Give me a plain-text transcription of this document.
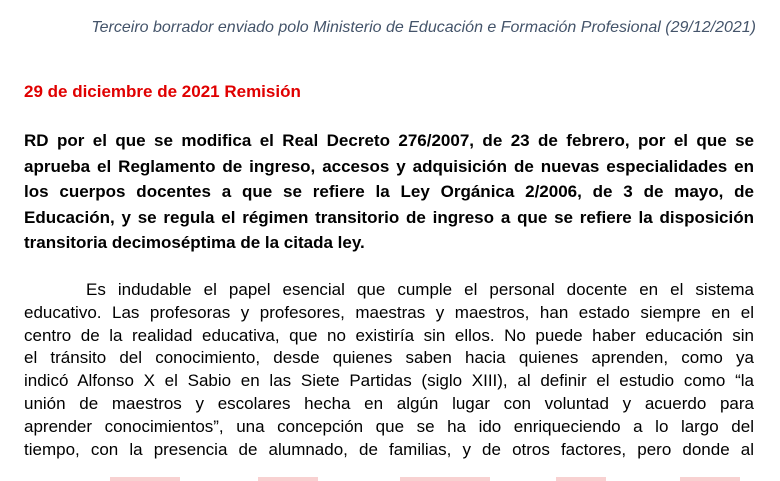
Terceiro borrador enviado polo Ministerio de Educación e Formación Profesional (29/12/2021)
29 de diciembre de 2021 Remisión
RD por el que se modifica el Real Decreto 276/2007, de 23 de febrero, por el que se
aprueba el Reglamento de ingreso, accesos y adquisición de nuevas especialidades en
los cuerpos docentes a que se refiere la Ley Orgánica 2/2006, de 3 de mayo, de
Educación, y se regula el régimen transitorio de ingreso a que se refiere la disposición
transitoria decimoséptima de la citada ley.
Es indudable el papel esencial que cumple el personal docente en el sistema
educativo. Las profesoras y profesores, maestras y maestros, han estado siempre en el
centro de la realidad educativa, que no existiría sin ellos. No puede haber educación sin
el tránsito del conocimiento, desde quienes saben hacia quienes aprenden, como ya
indicó Alfonso X el Sabio en las Siete Partidas (siglo XIII), al definir el estudio como “la
unión de maestros y escolares hecha en algún lugar con voluntad y acuerdo para
aprender conocimientos”, una concepción que se ha ido enriqueciendo a lo largo del
tiempo, con la presencia de alumnado, de familias, y de otros factores, pero donde al
